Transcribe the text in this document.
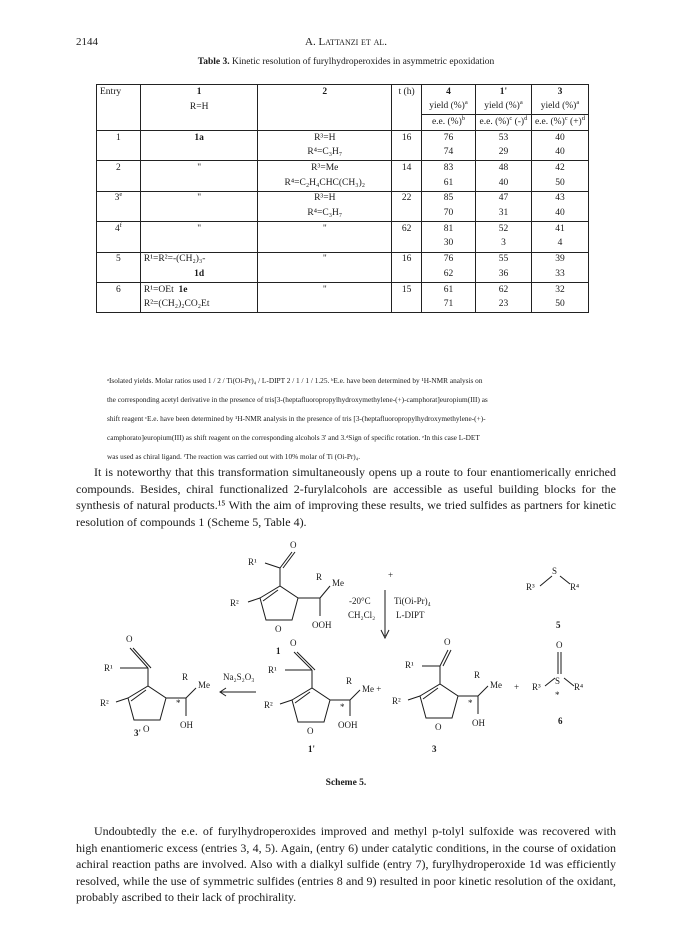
2144	A. Lattanzi et al.
Table 3. Kinetic resolution of furylhydroperoxides in asymmetric epoxidation
Entry	1	2	t (h)	4	1'	3
	R=H			yield (%)$^a$	yield (%)$^a$	yield (%)$^a$
				e.e. (%)$^b$	e.e. (%)$^c$ $(-)^d$	e.e. (%)$^c$ $(+)^d$
1	1a	R³=H	16	76	53	40
		R⁴=C₃H₇		74	29	40
2	"	R³=Me	14	83	48	42
		R⁴=C₂H₄CHC(CH₃)₂		61	40	50
3e	"	R³=H	22	85	47	43
		R⁴=C₃H₇		70	31	40
4$^f$	"	"	62	81	52	41
				30	3	4
5	R¹=R²=-(CH₂)₃-	"	16	76	55	39
	1d			62	36	33
6	R¹=OEt 1e	"	15	61	62	32
	R²=(CH₂)₂CO₂Et			71	23	50

ᵃIsolated yields. Molar ratios used 1 / 2 / Ti(Oi-Pr)₄ / L-DIPT 2 / 1 / 1 / 1.25. ᵇE.e. have been determined by ¹H-NMR analysis on

the corresponding acetyl derivative in the presence of tris[3-(heptafluoropropylhydroxymethylene-(+)-camphorat]europium(III) as

shift reagent ᶜE.e. have been determined by ¹H-NMR analysis in the presence of tris [3-(heptafluoropropylhydroxymethylene-(+)-

camphorato]europium(III) as shift reagent on the corresponding alcohols 3' and 3.ᵈSign of specific rotation. ᵉIn this case L-DET

was used as chiral ligand. ᶠThe reaction was carried out with 10% molar of Ti (Oi-Pr)₄.

It is noteworthy that this transformation simultaneously opens up a route to four enantiomerically enriched compounds. Besides, chiral functionalized 2-furylalcohols are accessible as useful building blocks for the synthesis of natural products.¹⁵ With the aim of improving these results, we tried sulfides as partners for kinetic resolution of compounds 1 (Scheme 5, Table 4).

O
R¹
R²
O
Me
R
OOH
1
+
-20°C
CH₂Cl₂
Ti(Oi-Pr)₄
L-DIPT
R³
S
R⁴
5
O
R¹
R²
O
Me
R
*
OH
3'
Na₂S₂O₃
O
R¹
R²
O
Me +
R
*
OOH
1'
O
R¹
R²
O
Me
R
*
OH
3
+
O
R³
S
R⁴
*
6
Scheme 5.

Undoubtedly the e.e. of furylhydroperoxides improved and methyl p-tolyl sulfoxide was recovered with high enantiomeric excess (entries 3, 4, 5). Again, (entry 6) under catalytic conditions, in the course of oxidation achiral reaction paths are involved. Also with a dialkyl sulfide (entry 7), furylhydroperoxide 1d was efficiently resolved, while the use of symmetric sulfides (entries 8 and 9) resulted in poor kinetic resolution of the oxidant, probably ascribed to their lack of prochirality.
